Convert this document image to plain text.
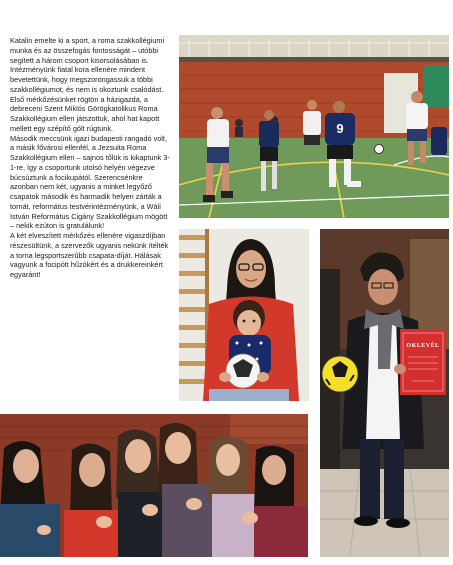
Katalin emelte ki a sport, a roma szakkollégiumi munka és az összefogás fontosságát – utóbbi segített a három csoport kisorsolásában is. Intézményünk fiatal kora ellenére mindent bevetettünk, hogy megszorongassuk a többi szakkollégiumot, és nem is okoztunk csalódást. Első mérkőzésünket rögtön a házigazda, a debreceni Szent Miklós Görögkatolikus Roma Szakkollégium ellen játszottuk, ahol hat kapott mellett egy szépítő gólt rúgtunk.

Második meccsünk igazi budapesti rangadó volt, a másik fővárosi ellenfél, a Jezsuita Roma Szakkollégium ellen – sajnos tőlük is kikaptunk 3-1-re, így a csoportunk utolsó helyén végezve búcsúztunk a focikupától. Szerencsénkre azonban nem két, ugyanis a minket legyőző csapatok második és harmadik helyen zárták a tornát, református testvérintézményünk, a Wáli István Református Cigány Szakkollégium mögött – nekik ezúton is gratulálunk!

A két elveszített mérkőzés ellenére vigaszdíjban részesültünk, a szervezők ugyanis nekünk ítélték a torna legsportszerűbb csapata-díját. Hálásak vagyunk a focipótt hűzókért és a drukkereinkért egyaránt!

9
OKLEVÉL
